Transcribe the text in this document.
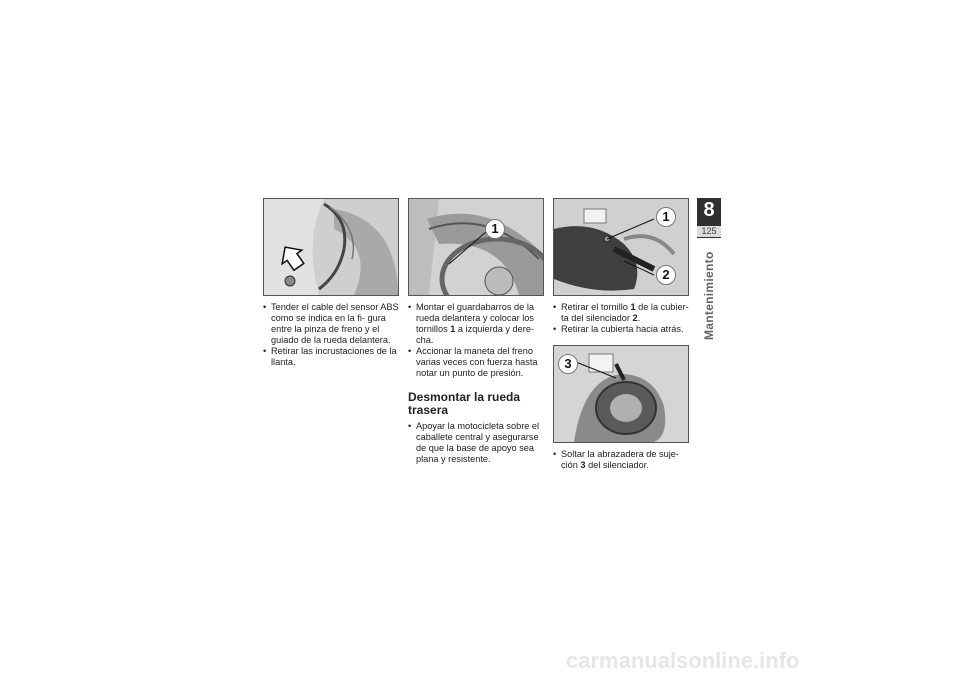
• Tender el cable del sensor ABS como se indica en la fi- gura entre la pinza de freno y el guiado de la rueda delantera.
• Retirar las incrustaciones de la llanta.
1
• Montar el guardabarros de la rueda delantera y colocar los tornillos 1 a izquierda y dere- cha.
• Accionar la maneta del freno varias veces con fuerza hasta notar un punto de presión.
Desmontar la rueda trasera
• Apoyar la motocicleta sobre el caballete central y asegurarse de que la base de apoyo sea plana y resistente.
1
2
• Retirar el tornillo 1 de la cubier- ta del silenciador 2.
• Retirar la cubierta hacia atrás.
3
• Soltar la abrazadera de suje- ción 3 del silenciador.
8
125
Mantenimiento
carmanualsonline.info
